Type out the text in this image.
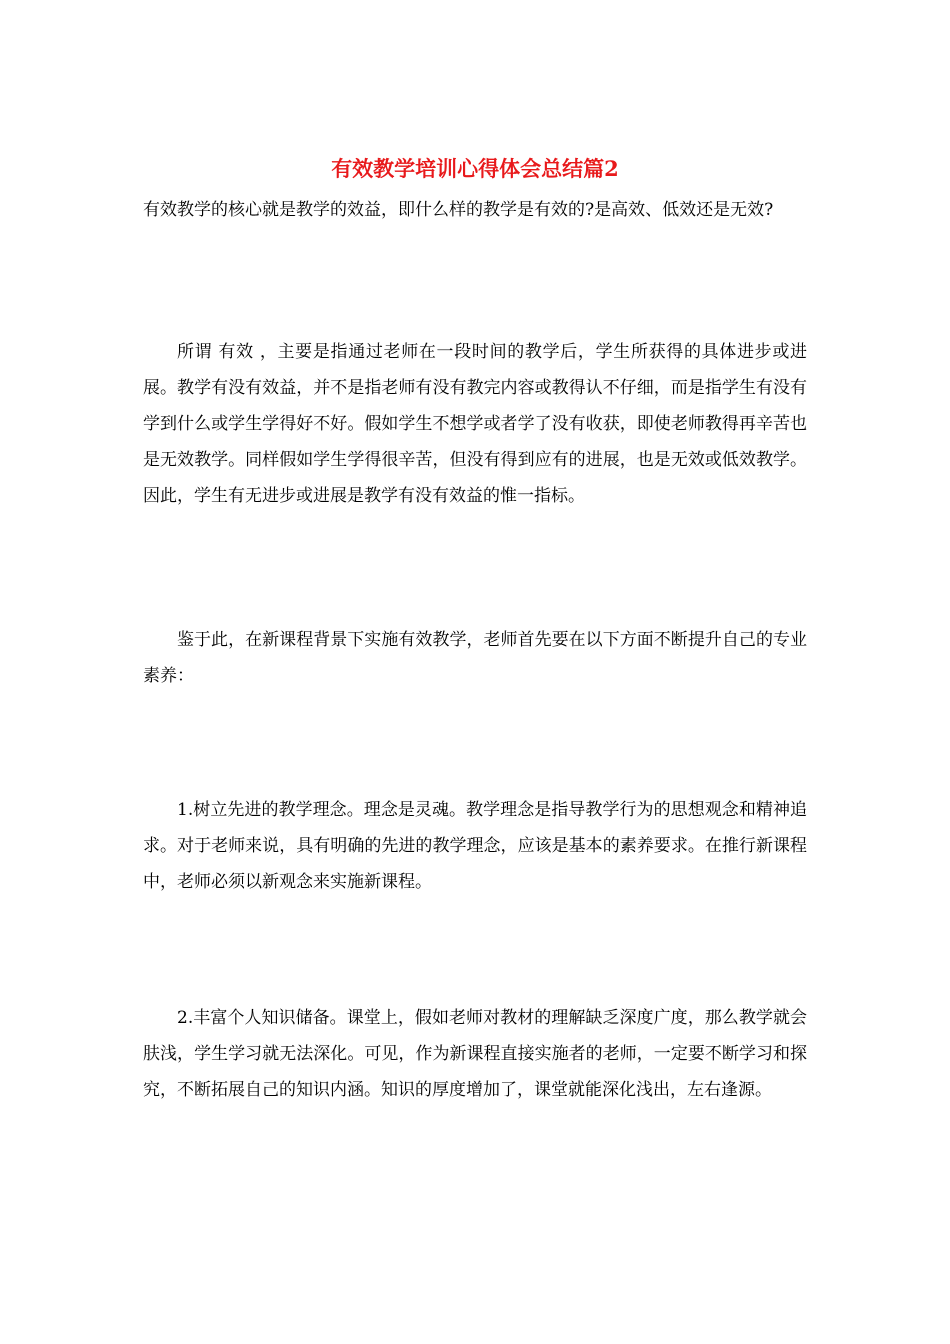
有效教学培训心得体会总结篇2

有效教学的核心就是教学的效益，即什么样的教学是有效的?是高效、低效还是无效?

所谓 有效 ，主要是指通过老师在一段时间的教学后，学生所获得的具体进步或进展。教学有没有效益，并不是指老师有没有教完内容或教得认不仔细，而是指学生有没有学到什么或学生学得好不好。假如学生不想学或者学了没有收获，即使老师教得再辛苦也是无效教学。同样假如学生学得很辛苦，但没有得到应有的进展，也是无效或低效教学。因此，学生有无进步或进展是教学有没有效益的惟一指标。

鉴于此，在新课程背景下实施有效教学，老师首先要在以下方面不断提升自己的专业素养：

1.树立先进的教学理念。理念是灵魂。教学理念是指导教学行为的思想观念和精神追求。对于老师来说，具有明确的先进的教学理念，应该是基本的素养要求。在推行新课程中，老师必须以新观念来实施新课程。

2.丰富个人知识储备。课堂上，假如老师对教材的理解缺乏深度广度，那么教学就会肤浅，学生学习就无法深化。可见，作为新课程直接实施者的老师，一定要不断学习和探究，不断拓展自己的知识内涵。知识的厚度增加了，课堂就能深化浅出，左右逢源。
